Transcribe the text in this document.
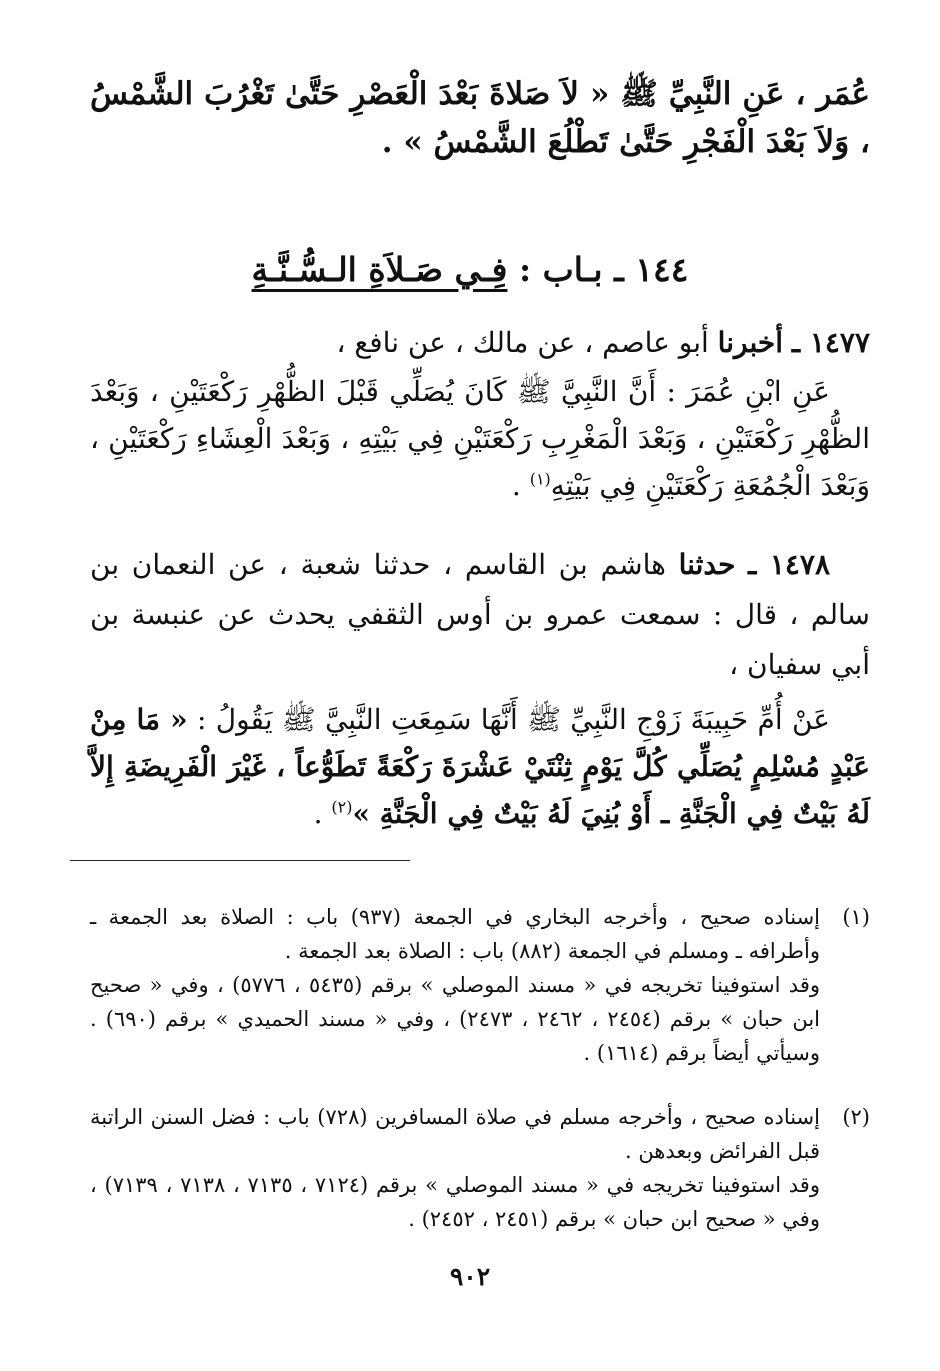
عُمَر ، عَنِ النَّبِيِّ ﷺ « لاَ صَلاةَ بَعْدَ الْعَصْرِ حَتَّىٰ تَغْرُبَ الشَّمْسُ ، وَلاَ بَعْدَ الْفَجْرِ حَتَّىٰ تَطْلُعَ الشَّمْسُ » .

١٤٤ ـ بـاب : فِـي صَـلاَةِ الـسُّـنَّـةِ

١٤٧٧ ـ أخبرنا أبو عاصم ، عن مالك ، عن نافع ،

عَنِ ابْنِ عُمَرَ : أَنَّ النَّبِيَّ ﷺ كَانَ يُصَلِّي قَبْلَ الظُّهْرِ رَكْعَتَيْنِ ، وَبَعْدَ الظُّهْرِ رَكْعَتَيْنِ ، وَبَعْدَ الْمَغْرِبِ رَكْعَتَيْنِ فِي بَيْتِهِ ، وَبَعْدَ الْعِشَاءِ رَكْعَتَيْنِ ، وَبَعْدَ الْجُمُعَةِ رَكْعَتَيْنِ فِي بَيْتِهِ$^{(١)}$ .

١٤٧٨ ـ حدثنا هاشم بن القاسم ، حدثنا شعبة ، عن النعمان بن سالم ، قال : سمعت عمرو بن أوس الثقفي يحدث عن عنبسة بن أبي سفيان ،

عَنْ أُمِّ حَبِيبَةَ زَوْجِ النَّبِيِّ ﷺ أَنَّهَا سَمِعَتِ النَّبِيَّ ﷺ يَقُولُ : « مَا مِنْ عَبْدٍ مُسْلِمٍ يُصَلِّي كُلَّ يَوْمٍ ثِنْتَيْ عَشْرَةَ رَكْعَةً تَطَوُّعاً ، غَيْرَ الْفَرِيضَةِ إِلاَّ لَهُ بَيْتٌ فِي الْجَنَّةِ ـ أَوْ بُنِيَ لَهُ بَيْتٌ فِي الْجَنَّةِ »$^{(٢)}$ .

(١)
إسناده صحيح ، وأخرجه البخاري في الجمعة (٩٣٧) باب : الصلاة بعد الجمعة ـ وأطرافه ـ ومسلم في الجمعة (٨٨٢) باب : الصلاة بعد الجمعة .
وقد استوفينا تخريجه في « مسند الموصلي » برقم (٥٤٣٥ ، ٥٧٧٦) ، وفي « صحيح ابن حبان » برقم (٢٤٥٤ ، ٢٤٦٢ ، ٢٤٧٣) ، وفي « مسند الحميدي » برقم (٦٩٠) . وسيأتي أيضاً برقم (١٦١٤) .
(٢)
إسناده صحيح ، وأخرجه مسلم في صلاة المسافرين (٧٢٨) باب : فضل السنن الراتبة قبل الفرائض وبعدهن .
وقد استوفينا تخريجه في « مسند الموصلي » برقم (٧١٢٤ ، ٧١٣٥ ، ٧١٣٨ ، ٧١٣٩) ، وفي « صحيح ابن حبان » برقم (٢٤٥١ ، ٢٤٥٢) .
٩٠٢
